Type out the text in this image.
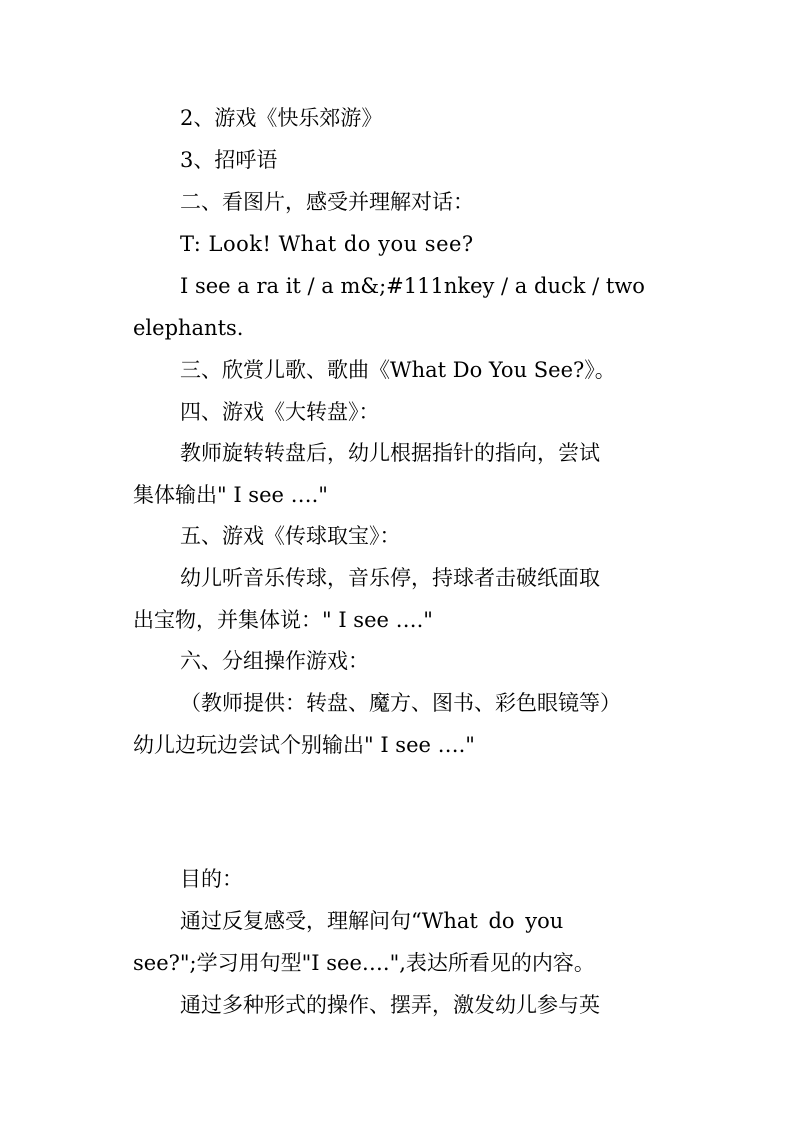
2、游戏《快乐郊游》

3、招呼语

二、看图片，感受并理解对话：

T: Look! What do you see?

I see a ra it / a m&;#111nkey / a duck / two

elephants.

三、欣赏儿歌、歌曲《What Do You See?》。

四、游戏《大转盘》：

教师旋转转盘后，幼儿根据指针的指向，尝试

集体输出" I see …."

五、游戏《传球取宝》：

幼儿听音乐传球，音乐停，持球者击破纸面取

出宝物，并集体说：" I see …."

六、分组操作游戏：

（教师提供：转盘、魔方、图书、彩色眼镜等）

幼儿边玩边尝试个别输出" I see …."

目的：

通过反复感受，理解问句“What do you

see?";学习用句型"I see….",表达所看见的内容。

通过多种形式的操作、摆弄，激发幼儿参与英
